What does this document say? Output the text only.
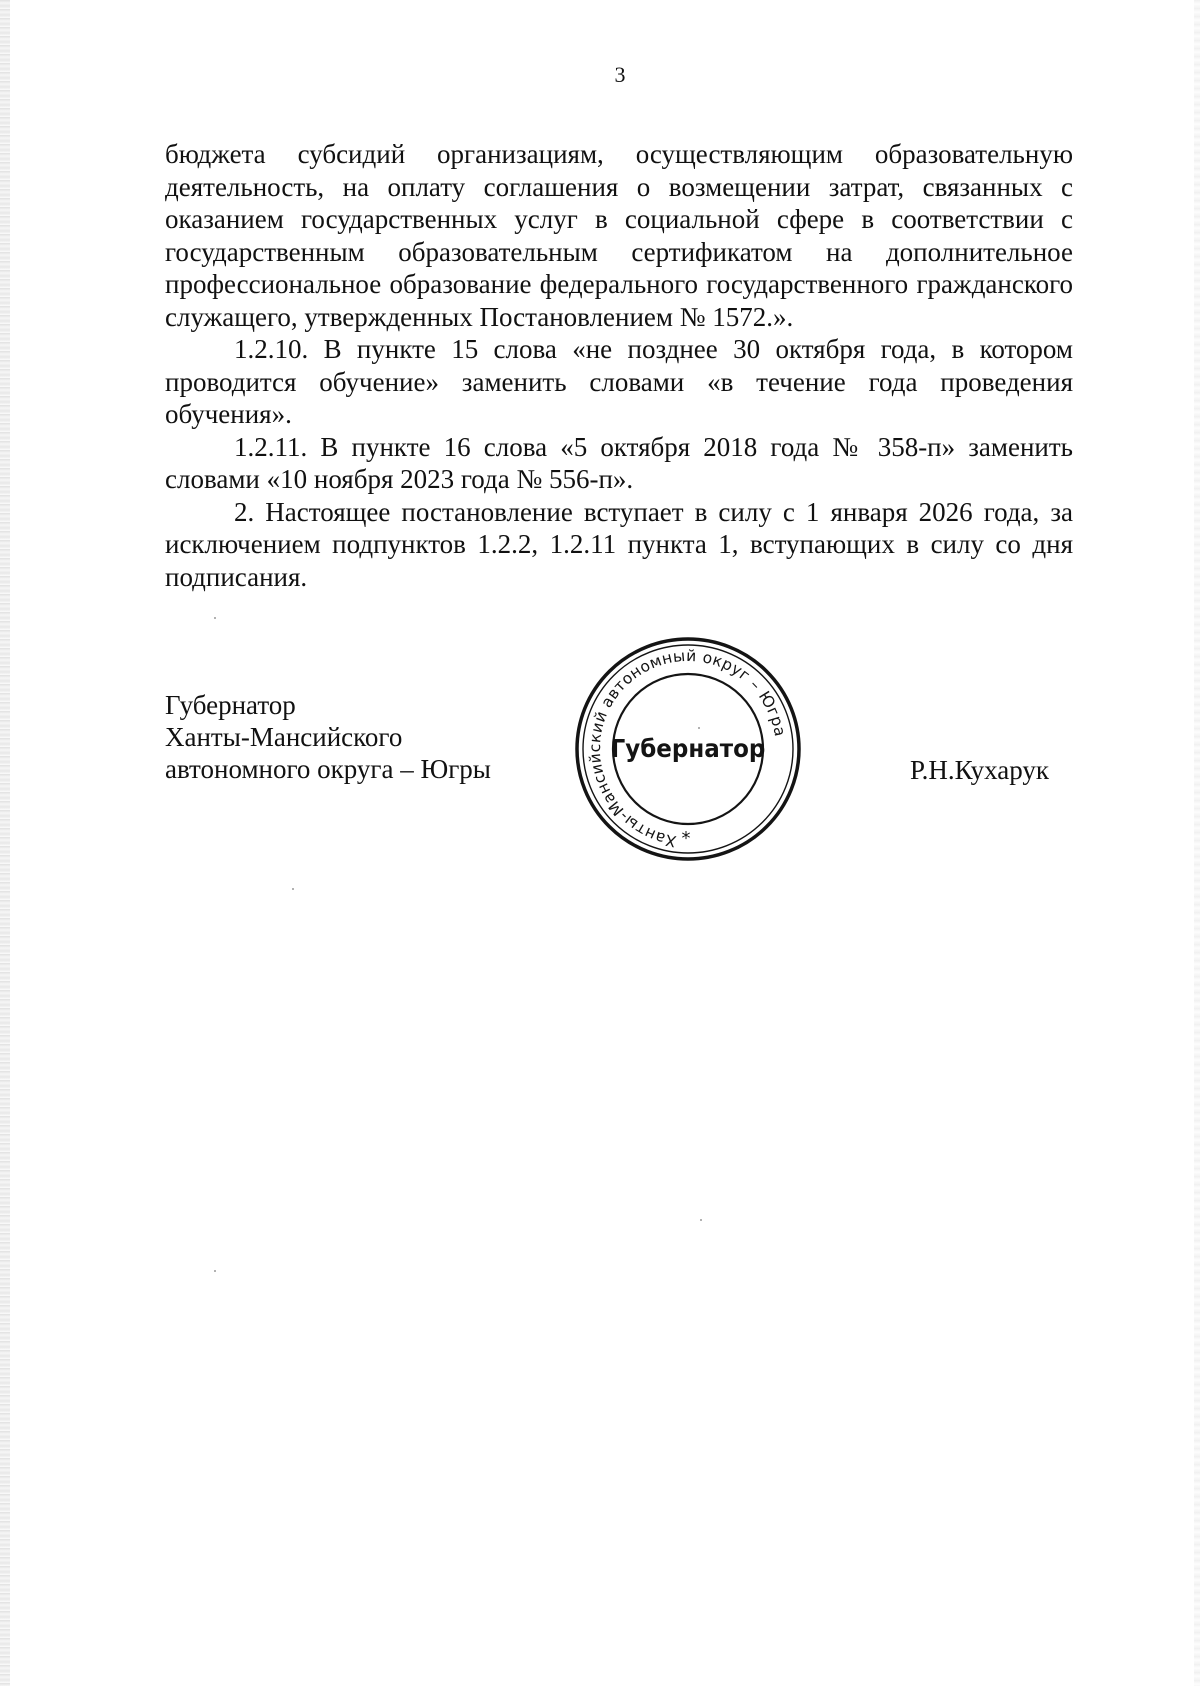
3

бюджета субсидий организациям, осуществляющим образовательную деятельность, на оплату соглашения о возмещении затрат, связанных с оказанием государственных услуг в социальной сфере в соответствии с государственным образовательным сертификатом на дополнительное профессиональное образование федерального государственного гражданского служащего, утвержденных Постановлением № 1572.».

1.2.10. В пункте 15 слова «не позднее 30 октября года, в котором проводится обучение» заменить словами «в течение года проведения обучения».

1.2.11. В пункте 16 слова «5 октября 2018 года № 358-п» заменить словами «10 ноября 2023 года № 556-п».

2. Настоящее постановление вступает в силу с 1 января 2026 года, за исключением подпунктов 1.2.2, 1.2.11 пункта 1, вступающих в силу со дня подписания.

Губернатор
Ханты-Мансийского
автономного округа – Югры	Р.Н.Кухарук
Ханты-Мансийский автономный округ – Югра
Губернатор
*
